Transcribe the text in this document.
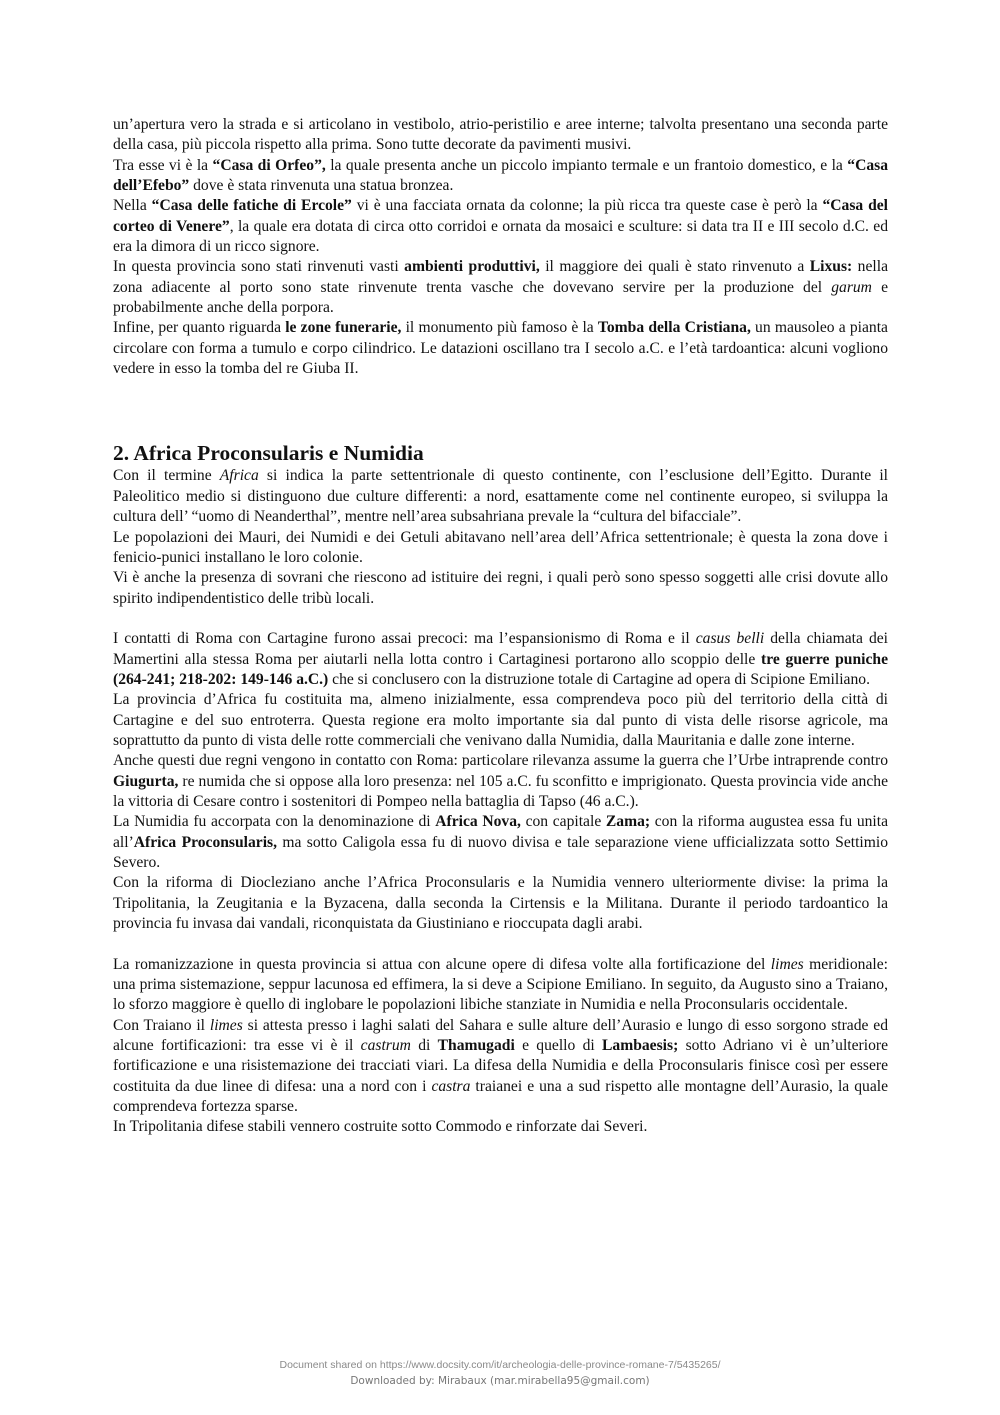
un’apertura vero la strada e si articolano in vestibolo, atrio-peristilio e aree interne; talvolta presentano una seconda parte della casa, più piccola rispetto alla prima. Sono tutte decorate da pavimenti musivi.

Tra esse vi è la “Casa di Orfeo”, la quale presenta anche un piccolo impianto termale e un frantoio domestico, e la “Casa dell’Efebo” dove è stata rinvenuta una statua bronzea.

Nella “Casa delle fatiche di Ercole” vi è una facciata ornata da colonne; la più ricca tra queste case è però la “Casa del corteo di Venere”, la quale era dotata di circa otto corridoi e ornata da mosaici e sculture: si data tra II e III secolo d.C. ed era la dimora di un ricco signore.

In questa provincia sono stati rinvenuti vasti ambienti produttivi, il maggiore dei quali è stato rinvenuto a Lixus: nella zona adiacente al porto sono state rinvenute trenta vasche che dovevano servire per la produzione del garum e probabilmente anche della porpora.

Infine, per quanto riguarda le zone funerarie, il monumento più famoso è la Tomba della Cristiana, un mausoleo a pianta circolare con forma a tumulo e corpo cilindrico. Le datazioni oscillano tra I secolo a.C. e l’età tardoantica: alcuni vogliono vedere in esso la tomba del re Giuba II.

2. Africa Proconsularis e Numidia

Con il termine Africa si indica la parte settentrionale di questo continente, con l’esclusione dell’Egitto. Durante il Paleolitico medio si distinguono due culture differenti: a nord, esattamente come nel continente europeo, si sviluppa la cultura dell’ “uomo di Neanderthal”, mentre nell’area subsahriana prevale la “cultura del bifacciale”.

Le popolazioni dei Mauri, dei Numidi e dei Getuli abitavano nell’area dell’Africa settentrionale; è questa la zona dove i fenicio-punici installano le loro colonie.

Vi è anche la presenza di sovrani che riescono ad istituire dei regni, i quali però sono spesso soggetti alle crisi dovute allo spirito indipendentistico delle tribù locali.

I contatti di Roma con Cartagine furono assai precoci: ma l’espansionismo di Roma e il casus belli della chiamata dei Mamertini alla stessa Roma per aiutarli nella lotta contro i Cartaginesi portarono allo scoppio delle tre guerre puniche (264-241; 218-202: 149-146 a.C.) che si conclusero con la distruzione totale di Cartagine ad opera di Scipione Emiliano.

La provincia d’Africa fu costituita ma, almeno inizialmente, essa comprendeva poco più del territorio della città di Cartagine e del suo entroterra. Questa regione era molto importante sia dal punto di vista delle risorse agricole, ma soprattutto da punto di vista delle rotte commerciali che venivano dalla Numidia, dalla Mauritania e dalle zone interne.

Anche questi due regni vengono in contatto con Roma: particolare rilevanza assume la guerra che l’Urbe intraprende contro Giugurta, re numida che si oppose alla loro presenza: nel 105 a.C. fu sconfitto e imprigionato. Questa provincia vide anche la vittoria di Cesare contro i sostenitori di Pompeo nella battaglia di Tapso (46 a.C.).

La Numidia fu accorpata con la denominazione di Africa Nova, con capitale Zama; con la riforma augustea essa fu unita all’Africa Proconsularis, ma sotto Caligola essa fu di nuovo divisa e tale separazione viene ufficializzata sotto Settimio Severo.

Con la riforma di Diocleziano anche l’Africa Proconsularis e la Numidia vennero ulteriormente divise: la prima la Tripolitania, la Zeugitania e la Byzacena, dalla seconda la Cirtensis e la Militana. Durante il periodo tardoantico la provincia fu invasa dai vandali, riconquistata da Giustiniano e rioccupata dagli arabi.

La romanizzazione in questa provincia si attua con alcune opere di difesa volte alla fortificazione del limes meridionale: una prima sistemazione, seppur lacunosa ed effimera, la si deve a Scipione Emiliano. In seguito, da Augusto sino a Traiano, lo sforzo maggiore è quello di inglobare le popolazioni libiche stanziate in Numidia e nella Proconsularis occidentale.

Con Traiano il limes si attesta presso i laghi salati del Sahara e sulle alture dell’Aurasio e lungo di esso sorgono strade ed alcune fortificazioni: tra esse vi è il castrum di Thamugadi e quello di Lambaesis; sotto Adriano vi è un’ulteriore fortificazione e una risistemazione dei tracciati viari. La difesa della Numidia e della Proconsularis finisce così per essere costituita da due linee di difesa: una a nord con i castra traianei e una a sud rispetto alle montagne dell’Aurasio, la quale comprendeva fortezza sparse.

In Tripolitania difese stabili vennero costruite sotto Commodo e rinforzate dai Severi.

Document shared on https://www.docsity.com/it/archeologia-delle-province-romane-7/5435265/
Downloaded by: Mirabaux (mar.mirabella95@gmail.com)
